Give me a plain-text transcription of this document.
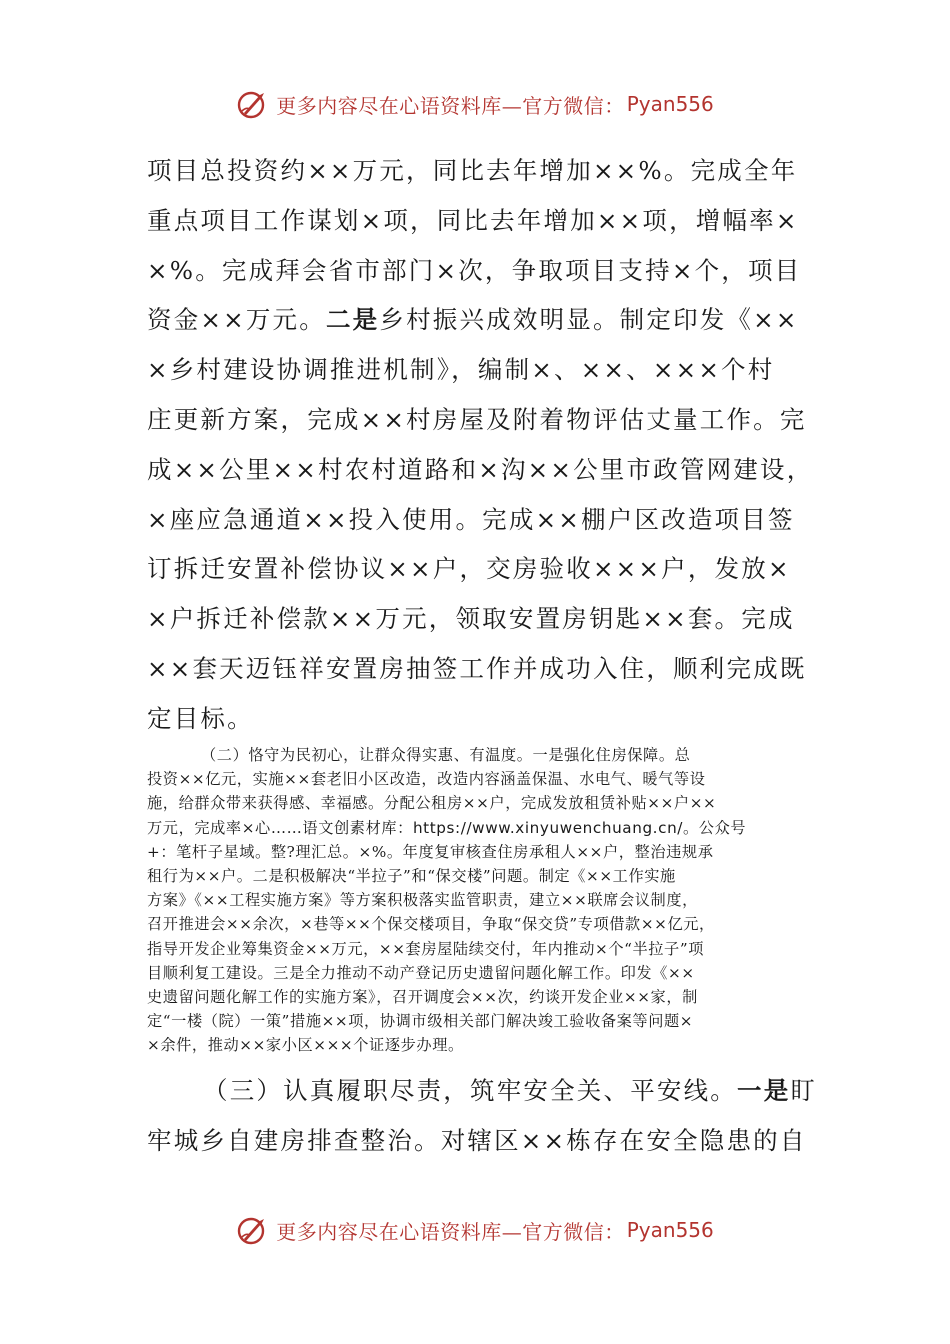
更多内容尽在心语资料库—官方微信： Pyan556
项目总投资约××万元，同比去年增加××%。完成全年
重点项目工作谋划×项，同比去年增加××项，增幅率×
×%。完成拜会省市部门×次，争取项目支持×个，项目
资金××万元。二是乡村振兴成效明显。制定印发《××
×乡村建设协调推进机制》，编制×、××、×××个村
庄更新方案，完成××村房屋及附着物评估丈量工作。完
成××公里××村农村道路和×沟××公里市政管网建设，
×座应急通道××投入使用。完成××棚户区改造项目签
订拆迁安置补偿协议××户，交房验收×××户，发放×
×户拆迁补偿款××万元，领取安置房钥匙××套。完成
××套天迈钰祥安置房抽签工作并成功入住，顺利完成既
定目标。
（二）恪守为民初心，让群众得实惠、有温度。一是强化住房保障。总
投资××亿元，实施××套老旧小区改造，改造内容涵盖保温、水电气、暖气等设
施，给群众带来获得感、幸福感。分配公租房××户，完成发放租赁补贴××户××
万元，完成率×心……语文创素材库：https://www.xinyuwenchuang.cn/。公众号
+：笔杆子星域。整?理汇总。×%。年度复审核查住房承租人××户，整治违规承
租行为××户。二是积极解决“半拉子”和“保交楼”问题。制定《××工作实施
方案》《××工程实施方案》等方案积极落实监管职责，建立××联席会议制度，
召开推进会××余次，×巷等××个保交楼项目，争取“保交贷”专项借款××亿元，
指导开发企业筹集资金××万元，××套房屋陆续交付，年内推动×个“半拉子”项
目顺利复工建设。三是全力推动不动产登记历史遗留问题化解工作。印发《××
史遗留问题化解工作的实施方案》，召开调度会××次，约谈开发企业××家，制
定“一楼（院）一策”措施××项，协调市级相关部门解决竣工验收备案等问题×
×余件，推动××家小区×××个证逐步办理。
（三）认真履职尽责，筑牢安全关、平安线。一是盯
牢城乡自建房排查整治。对辖区××栋存在安全隐患的自
更多内容尽在心语资料库—官方微信： Pyan556
